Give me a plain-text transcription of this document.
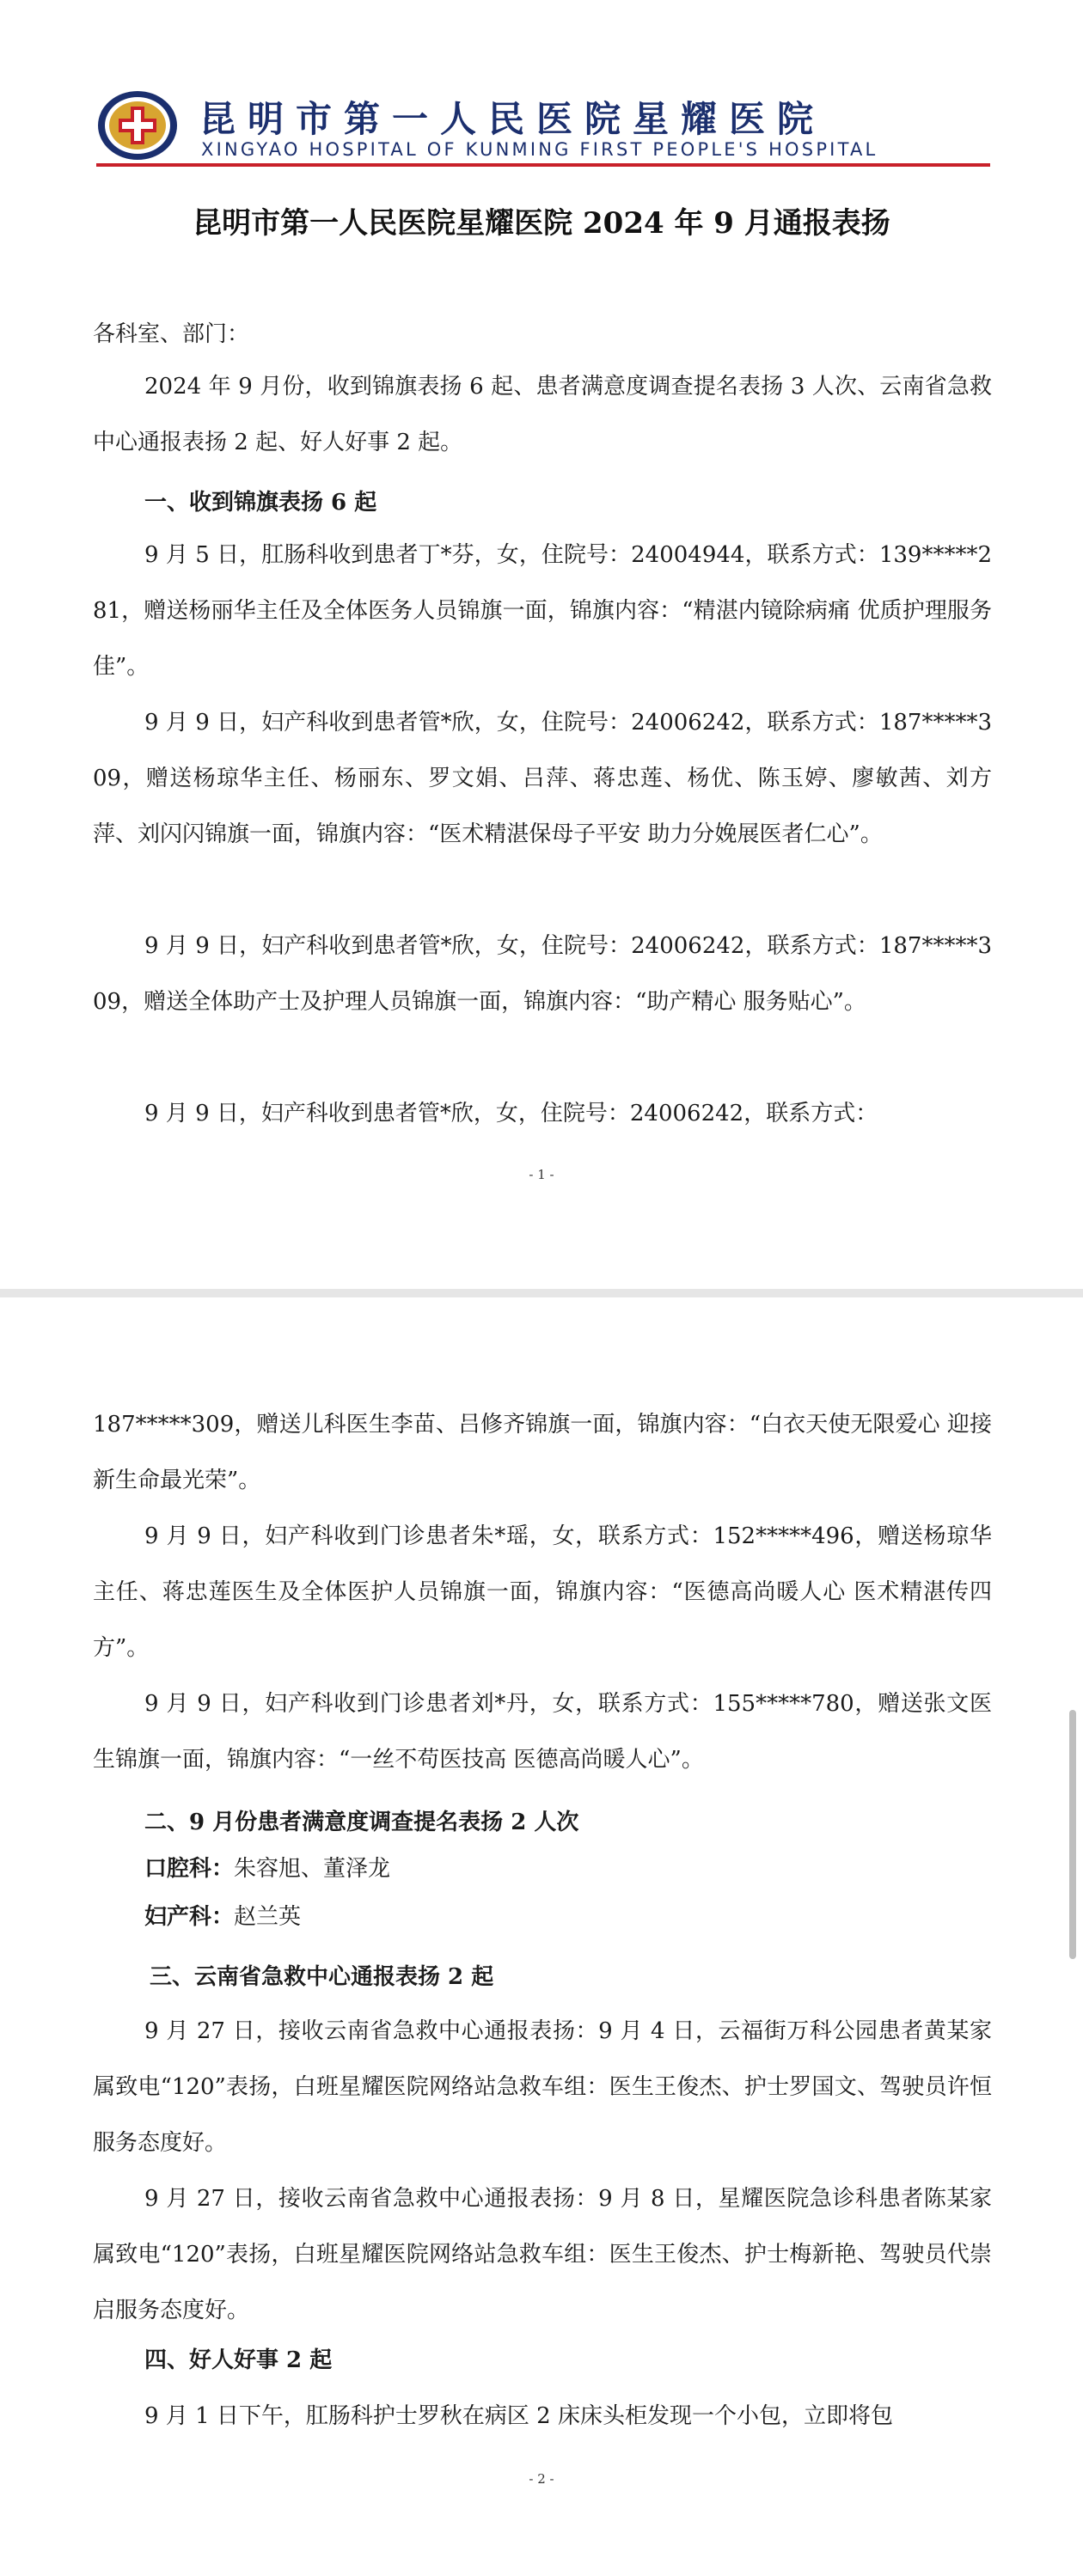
昆明市第一人民医院星耀医院
XINGYAO HOSPITAL OF KUNMING FIRST PEOPLE'S HOSPITAL
昆明市第一人民医院星耀医院 2024 年 9 月通报表扬
各科室、部门：
2024 年 9 月份，收到锦旗表扬 6 起、患者满意度调查提名表扬 3 人次、云南省急救中心通报表扬 2 起、好人好事 2 起。
一、收到锦旗表扬 6 起
9 月 5 日，肛肠科收到患者丁*芬，女，住院号：24004944，联系方式：139*****281，赠送杨丽华主任及全体医务人员锦旗一面，锦旗内容：“精湛内镜除病痛 优质护理服务佳”。
9 月 9 日，妇产科收到患者管*欣，女，住院号：24006242，联系方式：187*****309，赠送杨琼华主任、杨丽东、罗文娟、吕萍、蒋忠莲、杨优、陈玉婷、廖敏茜、刘方萍、刘闪闪锦旗一面，锦旗内容：“医术精湛保母子平安 助力分娩展医者仁心”。
9 月 9 日，妇产科收到患者管*欣，女，住院号：24006242，联系方式：187*****309，赠送全体助产士及护理人员锦旗一面，锦旗内容：“助产精心 服务贴心”。
9 月 9 日，妇产科收到患者管*欣，女，住院号：24006242，联系方式：
- 1 -
187*****309，赠送儿科医生李苗、吕修齐锦旗一面，锦旗内容：“白衣天使无限爱心 迎接新生命最光荣”。
9 月 9 日，妇产科收到门诊患者朱*瑶，女，联系方式：152*****496，赠送杨琼华主任、蒋忠莲医生及全体医护人员锦旗一面，锦旗内容：“医德高尚暖人心 医术精湛传四方”。
9 月 9 日，妇产科收到门诊患者刘*丹，女，联系方式：155*****780，赠送张文医生锦旗一面，锦旗内容：“一丝不苟医技高 医德高尚暖人心”。
二、9 月份患者满意度调查提名表扬 2 人次
口腔科：朱容旭、董泽龙
妇产科：赵兰英
三、云南省急救中心通报表扬 2 起
9 月 27 日，接收云南省急救中心通报表扬：9 月 4 日，云福街万科公园患者黄某家属致电“120”表扬，白班星耀医院网络站急救车组：医生王俊杰、护士罗国文、驾驶员许恒服务态度好。
9 月 27 日，接收云南省急救中心通报表扬：9 月 8 日，星耀医院急诊科患者陈某家属致电“120”表扬，白班星耀医院网络站急救车组：医生王俊杰、护士梅新艳、驾驶员代崇启服务态度好。
四、好人好事 2 起
9 月 1 日下午，肛肠科护士罗秋在病区 2 床床头柜发现一个小包，立即将包
- 2 -
